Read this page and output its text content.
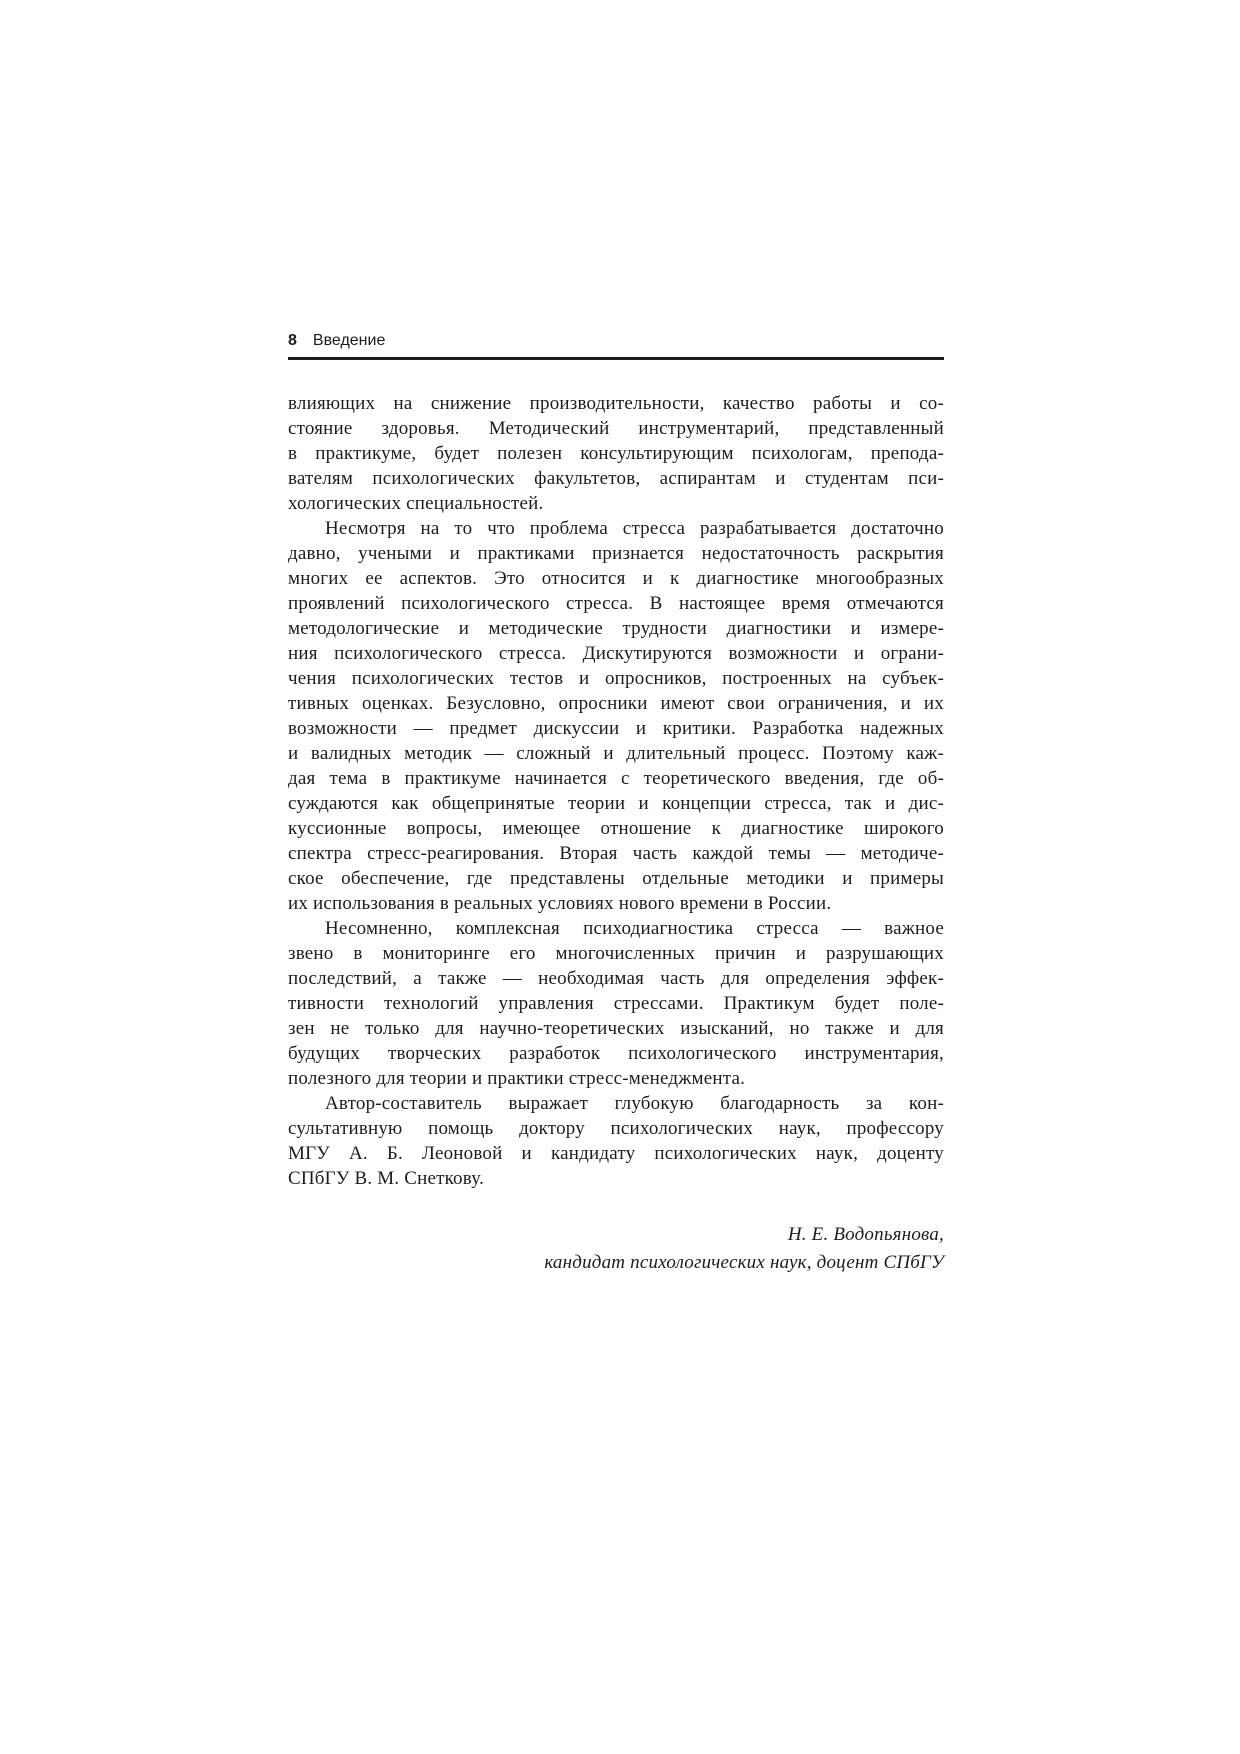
8 Введение
влияющих на снижение производительности, качество работы и со-
стояние здоровья. Методический инструментарий, представленный
в практикуме, будет полезен консультирующим психологам, препода-
вателям психологических факультетов, аспирантам и студентам пси-
хологических специальностей.
Несмотря на то что проблема стресса разрабатывается достаточно
давно, учеными и практиками признается недостаточность раскрытия
многих ее аспектов. Это относится и к диагностике многообразных
проявлений психологического стресса. В настоящее время отмечаются
методологические и методические трудности диагностики и измере-
ния психологического стресса. Дискутируются возможности и ограни-
чения психологических тестов и опросников, построенных на субъек-
тивных оценках. Безусловно, опросники имеют свои ограничения, и их
возможности — предмет дискуссии и критики. Разработка надежных
и валидных методик — сложный и длительный процесс. Поэтому каж-
дая тема в практикуме начинается с теоретического введения, где об-
суждаются как общепринятые теории и концепции стресса, так и дис-
куссионные вопросы, имеющее отношение к диагностике широкого
спектра стресс-реагирования. Вторая часть каждой темы — методиче-
ское обеспечение, где представлены отдельные методики и примеры
их использования в реальных условиях нового времени в России.
Несомненно, комплексная психодиагностика стресса — важное
звено в мониторинге его многочисленных причин и разрушающих
последствий, а также — необходимая часть для определения эффек-
тивности технологий управления стрессами. Практикум будет поле-
зен не только для научно-теоретических изысканий, но также и для
будущих творческих разработок психологического инструментария,
полезного для теории и практики стресс-менеджмента.
Автор-составитель выражает глубокую благодарность за кон-
сультативную помощь доктору психологических наук, профессору
МГУ А. Б. Леоновой и кандидату психологических наук, доценту
СПбГУ В. М. Снеткову.
Н. Е. Водопьянова,
кандидат психологических наук, доцент СПбГУ
